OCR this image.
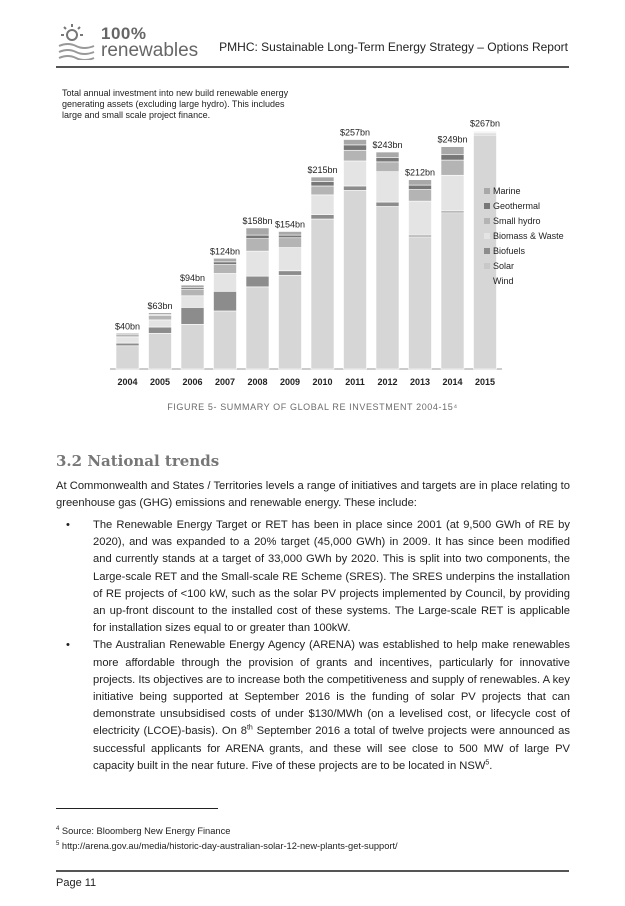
100%
renewables PMHC: Sustainable Long-Term Energy Strategy – Options Report
Total annual investment into new build renewable energy
generating assets (excluding large hydro). This includes
large and small scale project finance.
$40bn
2004
$63bn
2005
$94bn
2006
$124bn
2007
$158bn
2008
$154bn
2009
$215bn
2010
$257bn
2011
$243bn
2012
$212bn
2013
$249bn
2014
$267bn
2015
Marine
Geothermal
Small hydro
Biomass & Waste
Biofuels
Solar
Wind
FIGURE 5- SUMMARY OF GLOBAL RE INVESTMENT 2004-15⁴
3.2 National trends

At Commonwealth and States / Territories levels a range of initiatives and targets are in place relating to greenhouse gas (GHG) emissions and renewable energy. These include:

• The Renewable Energy Target or RET has been in place since 2001 (at 9,500 GWh of RE by 2020), and was expanded to a 20% target (45,000 GWh) in 2009. It has since been modified and currently stands at a target of 33,000 GWh by 2020. This is split into two components, the Large-scale RET and the Small-scale RE Scheme (SRES). The SRES underpins the installation of RE projects of <100 kW, such as the solar PV projects implemented by Council, by providing an up-front discount to the installed cost of these systems. The Large-scale RET is applicable for installation sizes equal to or greater than 100kW.
• The Australian Renewable Energy Agency (ARENA) was established to help make renewables more affordable through the provision of grants and incentives, particularly for innovative projects. Its objectives are to increase both the competitiveness and supply of renewables. A key initiative being supported at September 2016 is the funding of solar PV projects that can demonstrate unsubsidised costs of under $130/MWh (on a levelised cost, or lifecycle cost of electricity (LCOE)-basis). On 8th September 2016 a total of twelve projects were announced as successful applicants for ARENA grants, and these will see close to 500 MW of large PV capacity built in the near future. Five of these projects are to be located in NSW$^5$.
$^4$ Source: Bloomberg New Energy Finance
$^5$ http://arena.gov.au/media/historic-day-australian-solar-12-new-plants-get-support/
Page 11
